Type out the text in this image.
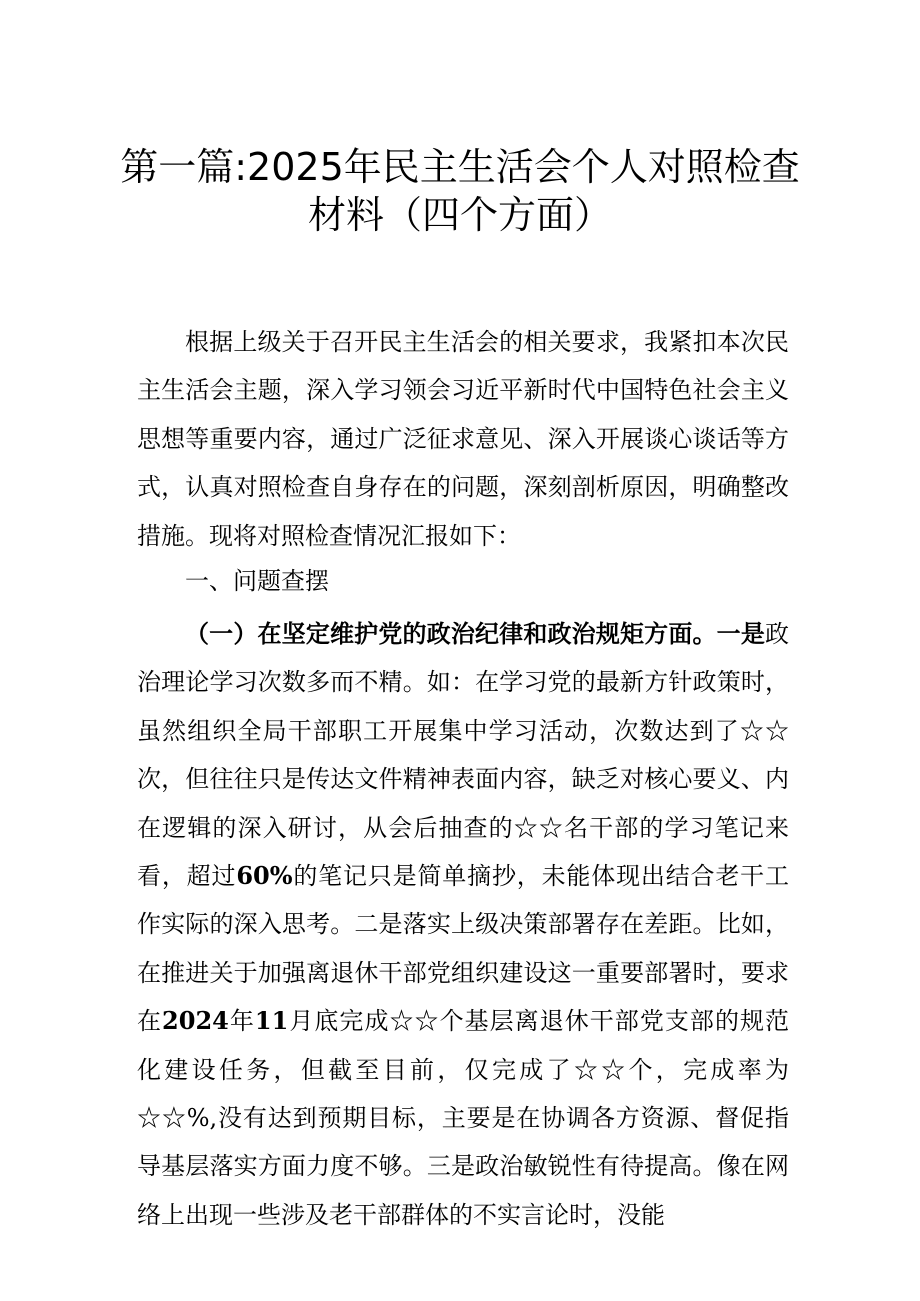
第一篇:2025年民主生活会个人对照检查
材料（四个方面）

根据上级关于召开民主生活会的相关要求，我紧扣本次民主生活会主题，深入学习领会习近平新时代中国特色社会主义思想等重要内容，通过广泛征求意见、深入开展谈心谈话等方式，认真对照检查自身存在的问题，深刻剖析原因，明确整改措施。现将对照检查情况汇报如下：

一、问题查摆

（一）在坚定维护党的政治纪律和政治规矩方面。一是政治理论学习次数多而不精。如：在学习党的最新方针政策时，虽然组织全局干部职工开展集中学习活动，次数达到了☆☆次，但往往只是传达文件精神表面内容，缺乏对核心要义、内在逻辑的深入研讨，从会后抽查的☆☆名干部的学习笔记来看，超过60%的笔记只是简单摘抄，未能体现出结合老干工作实际的深入思考。二是落实上级决策部署存在差距。比如，在推进关于加强离退休干部党组织建设这一重要部署时，要求在2024年11月底完成☆☆个基层离退休干部党支部的规范化建设任务，但截至目前，仅完成了☆☆个，完成率为☆☆%,没有达到预期目标，主要是在协调各方资源、督促指导基层落实方面力度不够。三是政治敏锐性有待提高。像在网络上出现一些涉及老干部群体的不实言论时，没能
